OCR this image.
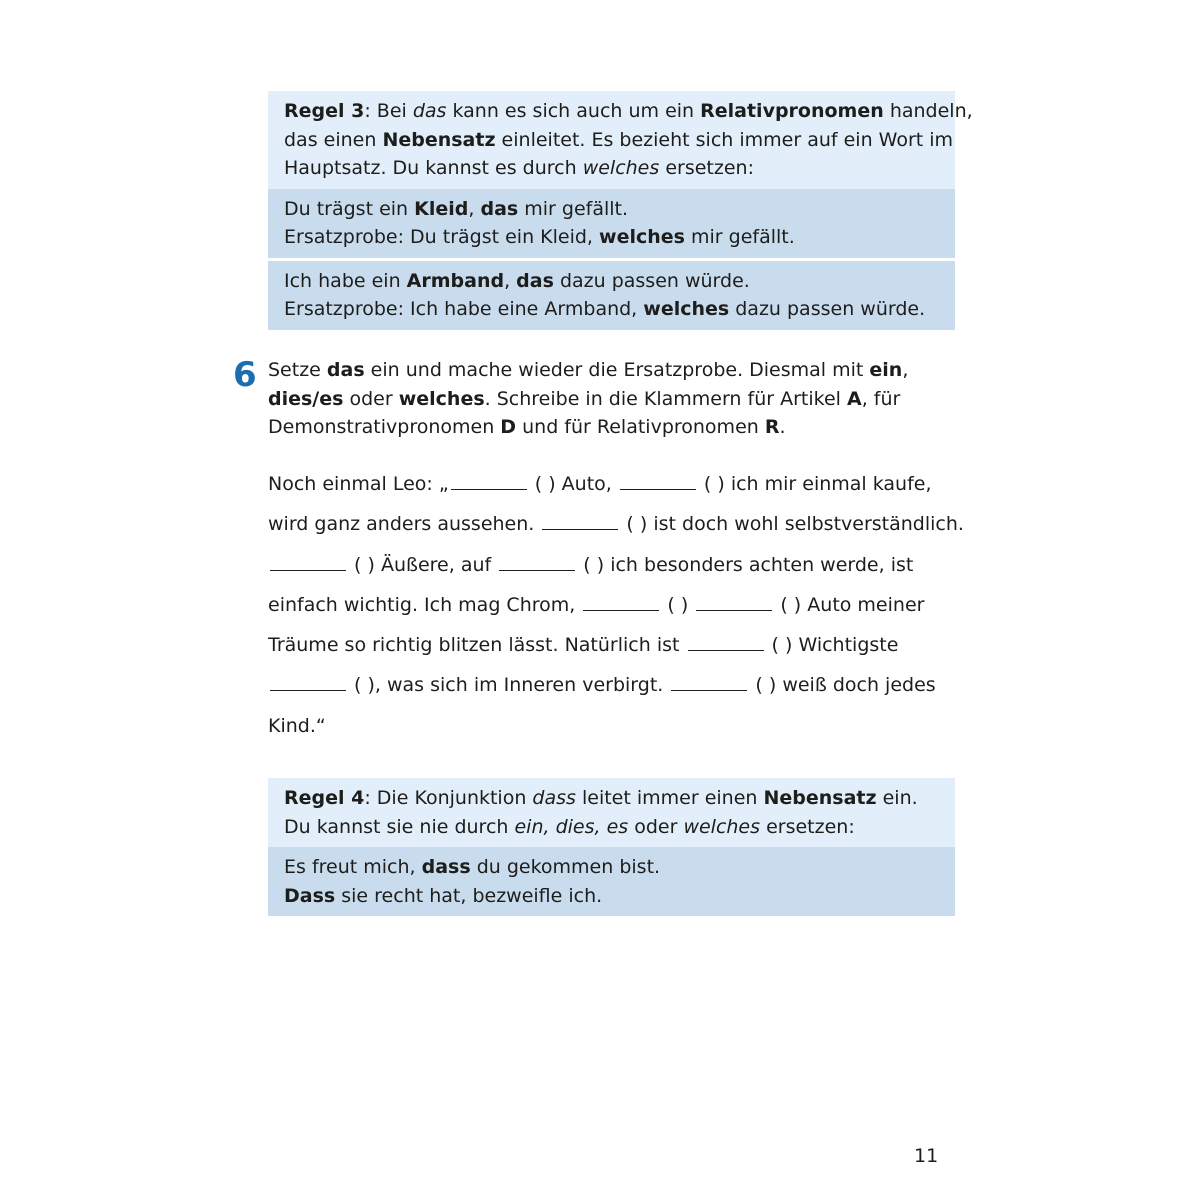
Regel 3: Bei das kann es sich auch um ein Relativpronomen handeln,
das einen Nebensatz einleitet. Es bezieht sich immer auf ein Wort im
Hauptsatz. Du kannst es durch welches ersetzen:
Du trägst ein Kleid, das mir gefällt.
Ersatzprobe: Du trägst ein Kleid, welches mir gefällt.
Ich habe ein Armband, das dazu passen würde.
Ersatzprobe: Ich habe eine Armband, welches dazu passen würde.
6 Setze das ein und mache wieder die Ersatzprobe. Diesmal mit ein,
dies/es oder welches. Schreibe in die Klammern für Artikel A, für
Demonstrativpronomen D und für Relativpronomen R.
Noch einmal Leo: „	( ) Auto,	( ) ich mir einmal kaufe,
wird ganz anders aussehen.	( ) ist doch wohl selbstverständlich.
( ) Äußere, auf	( ) ich besonders achten werde, ist
einfach wichtig. Ich mag Chrom,	( )	( ) Auto meiner
Träume so richtig blitzen lässt. Natürlich ist	( ) Wichtigste
( ), was sich im Inneren verbirgt.	( ) weiß doch jedes
Kind.“
Regel 4: Die Konjunktion dass leitet immer einen Nebensatz ein.
Du kannst sie nie durch ein, dies, es oder welches ersetzen:
Es freut mich, dass du gekommen bist.
Dass sie recht hat, bezweifle ich.
11
